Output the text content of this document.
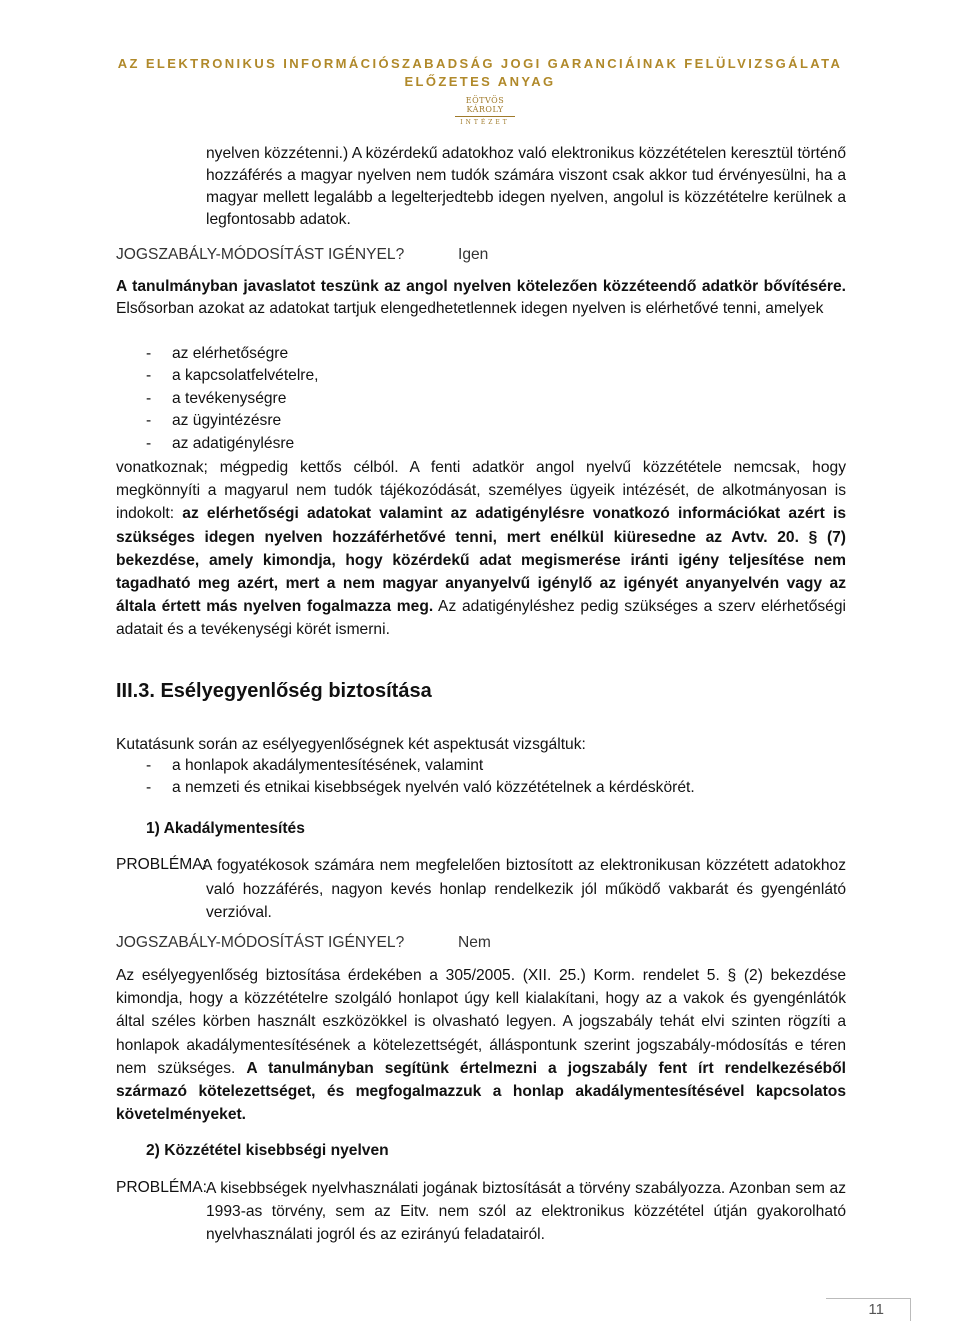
AZ ELEKTRONIKUS INFORMÁCIÓSZABADSÁG JOGI GARANCIÁINAK FELÜLVIZSGÁLATA
ELŐZETES ANYAG
EÖTVÖS KÁROLY
INTÉZET
nyelven közzétenni.) A közérdekű adatokhoz való elektronikus közzétételen keresztül történő hozzáférés a magyar nyelven nem tudók számára viszont csak akkor tud érvényesülni, ha a magyar mellett legalább a legelterjedtebb idegen nyelven, angolul is közzétételre kerülnek a legfontosabb adatok.
JOGSZABÁLY-MÓDOSÍTÁST IGÉNYEL?	Igen
A tanulmányban javaslatot teszünk az angol nyelven kötelezően közzéteendő adatkör bővítésére. Elsősorban azokat az adatokat tartjuk elengedhetetlennek idegen nyelven is elérhetővé tenni, amelyek
- az elérhetőségre
- a kapcsolatfelvételre,
- a tevékenységre
- az ügyintézésre
- az adatigénylésre
vonatkoznak; mégpedig kettős célból. A fenti adatkör angol nyelvű közzététele nemcsak, hogy megkönnyíti a magyarul nem tudók tájékozódását, személyes ügyeik intézését, de alkotmányosan is indokolt: az elérhetőségi adatokat valamint az adatigénylésre vonatkozó információkat azért is szükséges idegen nyelven hozzáférhetővé tenni, mert enélkül kiüresedne az Avtv. 20. § (7) bekezdése, amely kimondja, hogy közérdekű adat megismerése iránti igény teljesítése nem tagadható meg azért, mert a nem magyar anyanyelvű igénylő az igényét anyanyelvén vagy az általa értett más nyelven fogalmazza meg. Az adatigényléshez pedig szükséges a szerv elérhetőségi adatait és a tevékenységi körét ismerni.
III.3. Esélyegyenlőség biztosítása
Kutatásunk során az esélyegyenlőségnek két aspektusát vizsgáltuk:
- a honlapok akadálymentesítésének, valamint
- a nemzeti és etnikai kisebbségek nyelvén való közzétételnek a kérdéskörét.
1) Akadálymentesítés
PROBLÉMA:
A fogyatékosok számára nem megfelelően biztosított az elektronikusan közzétett adatokhoz való hozzáférés, nagyon kevés honlap rendelkezik jól működő vakbarát és gyengénlátó verzióval.
JOGSZABÁLY-MÓDOSÍTÁST IGÉNYEL?	Nem
Az esélyegyenlőség biztosítása érdekében a 305/2005. (XII. 25.) Korm. rendelet 5. § (2) bekezdése kimondja, hogy a közzétételre szolgáló honlapot úgy kell kialakítani, hogy az a vakok és gyengénlátók által széles körben használt eszközökkel is olvasható legyen. A jogszabály tehát elvi szinten rögzíti a honlapok akadálymentesítésének a kötelezettségét, álláspontunk szerint jogszabály-módosítás e téren nem szükséges. A tanulmányban segítünk értelmezni a jogszabály fent írt rendelkezéséből származó kötelezettséget, és megfogalmazzuk a honlap akadálymentesítésével kapcsolatos követelményeket.
2) Közzététel kisebbségi nyelven
PROBLÉMA: A kisebbségek nyelvhasználati jogának biztosítását a törvény szabályozza. Azonban sem az 1993-as törvény, sem az Eitv. nem szól az elektronikus közzététel útján gyakorolható nyelvhasználati jogról és az ezirányú feladatairól.
11
